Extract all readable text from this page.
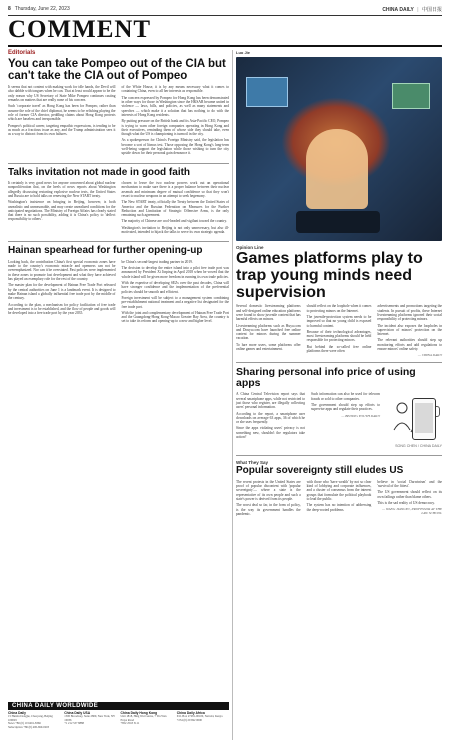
8 Thursday, June 22, 2023	CHINA DAILY | 中国日报
COMMENT
Editorials
You can take Pompeo out of the CIA but can't take the CIA out of Pompeo

It seems that not content with making work for idle hands, the Devil will also dabble with tongues when he can. That at least would appear to be the only reason why US Secretary of State Mike Pompeo continues casting remarks on matters that are really none of his concern.

Such 'corporate travel' as Hong Kong has been for Pompeo, rather than assume the role of the chief diplomat, he seems to be relishing playing the role of former CIA director, peddling claims about Hong Kong protests which are baseless and irresponsible.

Pompeo's political career, targeting empathic expressions, is tending to be as much as a fractious issue as any, and the Trump administration sees it as a way to distract from its own failures.

of the White House, it is by any means necessary what it comes to containing China, even to all her interests as responsible.

The concern expressed by Pompeo for Hong Kong has been demonstrated in other ways for those in Washington since the HKSAR became united in violence — laws, bills, and policies, as well as many statements and speeches — which make it a solution that has nothing to do with the interests of Hong Kong residents.

By putting pressure on the British bank and its Asia-Pacific CEO, Pompeo is trying to warn other foreign companies operating in Hong Kong and their executives, reminding them of whose side they should take, even though what the US is championing is turmoil in the city.

As a spokesperson for China's Foreign Ministry said, the legislation has become a sort of litmus test. Those opposing the Hong Kong's long-term well-being support the legislation while those wishing to turn the city upside down for their personal gain denounce it.

Talks invitation not made in good faith

It certainly is very good news for anyone concerned about global nuclear nonproliferation that, on the heels of news reports about Washington allegedly discussing restarting explosive nuclear tests, the United States and Russia are to hold talks on renewing the New START treaty.

Washington's insistence on bringing in Beijing, however, is both unrealistic and unreasonable, and may create unrealized conditions for the anticipated negotiations. The Ministry of Foreign Affairs has clearly stated that there is no such possibility, adding it is China's policy to 'deflect responsibility to others'.

chosen to leave the two nuclear powers work out an operational mechanism to make sure there is a proper balance between their nuclear arsenals and minimum degree of mutual confidence so that they won't resort to nuclear weapons in an attempt to seek hegemony.

The New START treaty, officially the Treaty between the United States of America and the Russian Federation on Measures for the Further Reduction and Limitation of Strategic Offensive Arms, is the only remaining such agreement.

The majority of Chinese are cool-headed and vigilant toward the country.

Washington's invitation to Beijing is not only unnecessary, but also ill-motivated, intended to hijack the talks to serve its own strategic agenda.

Hainan spearhead for further opening-up

Looking back, the contribution China's first special economic zones have made to the country's economic miracle and openness can not be overemphasized. Nor can it be overstated. Past policies were implemented in these zones to promote fast development and what they have achieved has played an exemplary role for the rest of the country.

The master plan for the development of Hainan Free Trade Port released by the central authorities on June 1 is a landmark event. It is designed to make Hainan island a globally influential free trade port by the middle of the century.

According to the plan, a mechanism for policy facilitation of free trade and investment is to be established, and the flow of people and goods will be developed into a free trade port by the year 2035.

be China's second-largest trading partner in 2019.

The decision to develop the entire island into a pilot free trade port was announced by President Xi Jinping in April 2018 when he vowed that the whole island will be given more freedom in running its own trade policies.

With the expertise of developing SEZs over the past decades, China will have stronger confidence and the implementation of the preferential policies should be smooth and efficient.

Foreign investment will be subject to a management system combining pre-establishment national treatment and a negative list designated for the free trade port.

With the joint and complementary development of Hainan Free Trade Port and the Guangdong-Hong Kong-Macao Greater Bay Area, the country is set to take its reform and opening-up to a new and higher level.

CHINA DAILY WORLDWIDE
China Daily
15 Huixin Dongjie, Chaoyang, Beijing 100029
News +86 (0) 10 6491-8366
Subscription +86 (0) 400-699-0203
China Daily USA
1500 Broadway, Suite 2800, New York, NY 10036
+1 212 537 8888
China Daily Hong Kong
Unit 1818, Hing Wai Centre, 7 Tin Wan Praya Road
+852 2518 5111
China Daily Africa
P.O. Box 27281-00100, Nairobi, Kenya
+254 (0) 20 692 0000
Luo Jie
Opinion Line
Games platforms play to trap young minds need supervision

Several domestic livestreaming platforms and self-designed online education platforms were found to show juvenile content that has harmful effects on minors.

Livestreaming platforms such as Huya.com and Douyu.com have launched free online content for minors during the summer vacation.

To lure more users, some platforms offer online games and entertainment.

should reflect on the loophole when it comes to protecting minors on the Internet.

The juvenile-protection system needs to be improved so that no young child is exposed to harmful content.

Because of their technological advantages, most livestreaming platforms should be held responsible for protecting minors.

But behind the so-called free online platforms there were often

advertisements and promotions targeting the students. In pursuit of profits, these Internet livestreaming platforms ignored their social responsibility of protecting minors.

The incident also exposes the loopholes in supervision of minors' protection on the Internet.

The relevant authorities should step up monitoring efforts and add regulations to ensure minors' online safety.

— CHINA DAILY
Sharing personal info price of using apps

A China Central Television report says that several smartphone apps, while not restricted to just those who register, are illegally collecting users' personal information.

According to the report, a smartphone user downloads on average 63 apps, 36 of which he or she uses frequently.

Since the apps violating users' privacy is not something new, shouldn't the regulators take action?

Such information can also be used for telecom frauds or sold to other companies.

The government should step up efforts to supervise apps and regulate their practices.

— BEIJING YOUTH DAILY
SONG CHEN / CHINA DAILY
What They Say
Popular sovereignty still eludes US

The recent protests in the United States are proof of popular discontent with 'popular sovereignty'— where a state is the representative of its own people and such a state's power is derived from its people.

The worst deal so far, in the form of policy, is the way its government handles the pandemic.

with those who 'have wealth' by not so clear kind of lobbying and corporate influences, and a cluster of consensus from the interest groups that formulate the political playbook to lead the public.

The system has no intention of addressing the deep-rooted problems.

believe in 'social Darwinism' and the 'survival of the fittest'.

The US government should reflect on its own failings rather than blame others.

This is the sad reality of US democracy.

— WANG JIANGYU, PROFESSOR AT THE LAW SCHOOL
